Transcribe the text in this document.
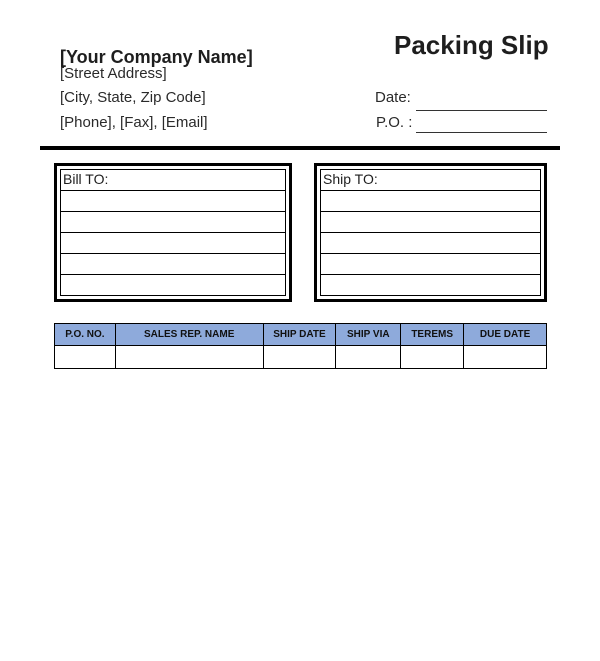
[Your Company Name]
[Street Address]
[City, State, Zip Code]
[Phone], [Fax], [Email]
Packing Slip
Date:
P.O. :
Bill TO:	Ship TO:
P.O. NO.	SALES REP. NAME	SHIP DATE	SHIP VIA	TEREMS	DUE DATE
